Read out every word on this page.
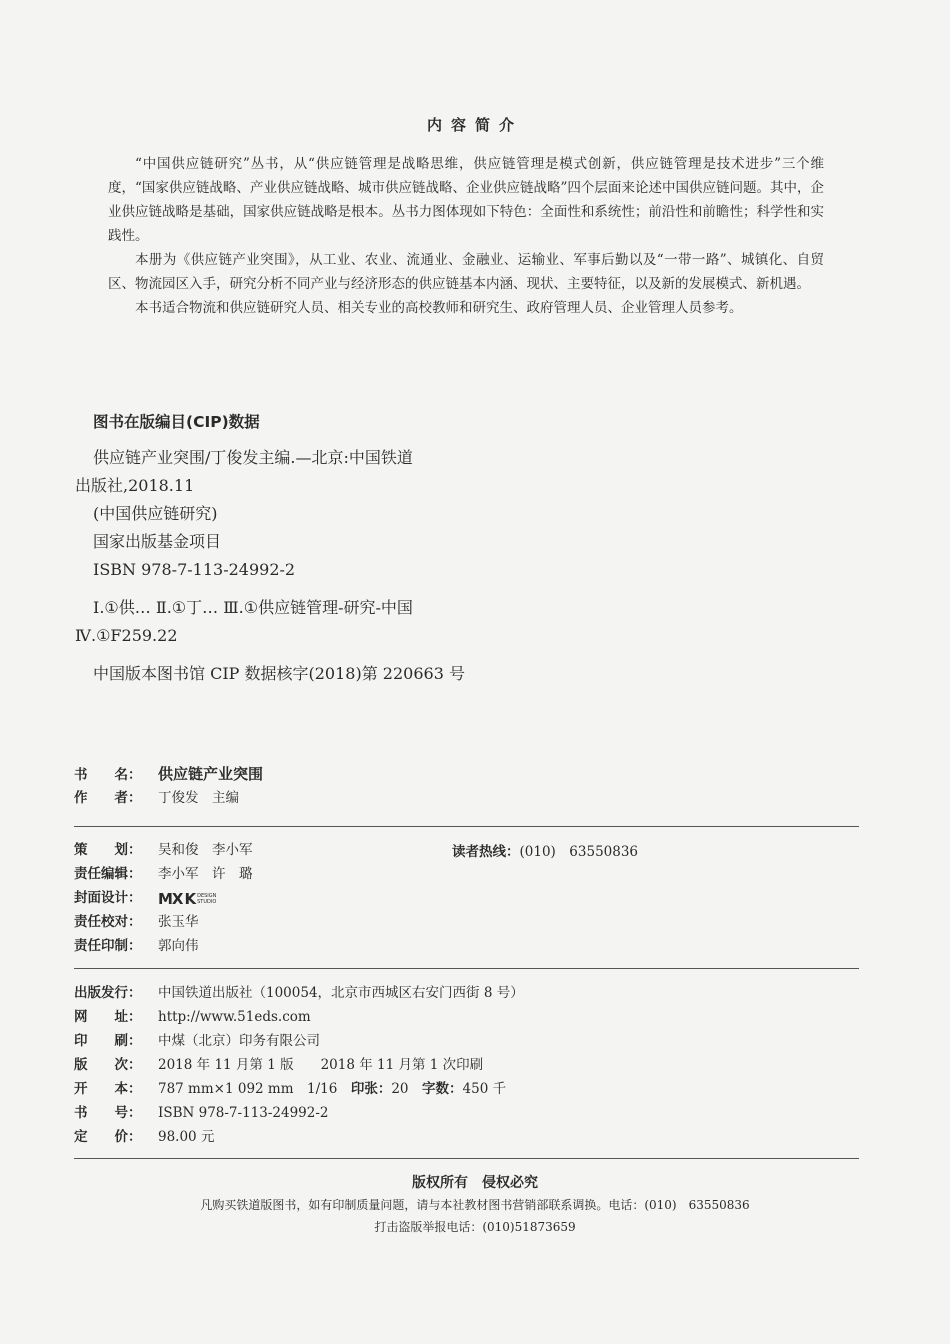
内容简介

“中国供应链研究”丛书，从“供应链管理是战略思维，供应链管理是模式创新，供应链管理是技术进步”三个维度，“国家供应链战略、产业供应链战略、城市供应链战略、企业供应链战略”四个层面来论述中国供应链问题。其中，企业供应链战略是基础，国家供应链战略是根本。丛书力图体现如下特色：全面性和系统性；前沿性和前瞻性；科学性和实践性。

本册为《供应链产业突围》，从工业、农业、流通业、金融业、运输业、军事后勤以及“一带一路”、城镇化、自贸区、物流园区入手，研究分析不同产业与经济形态的供应链基本内涵、现状、主要特征，以及新的发展模式、新机遇。

本书适合物流和供应链研究人员、相关专业的高校教师和研究生、政府管理人员、企业管理人员参考。

图书在版编目(CIP)数据
供应链产业突围/丁俊发主编.—北京:中国铁道
出版社,2018.11
(中国供应链研究)
国家出版基金项目
ISBN 978-7-113-24992-2
Ⅰ.①供… Ⅱ.①丁… Ⅲ.①供应链管理-研究-中国
Ⅳ.①F259.22
中国版本图书馆 CIP 数据核字(2018)第 220663 号
书　　名： 供应链产业突围
作　　者： 丁俊发　主编
策　　划： 吴和俊　李小军
责任编辑： 李小军　许　璐
封面设计： MX K DESIGN
STUDIO
责任校对： 张玉华
责任印制： 郭向伟
读者热线：(010)　63550836
出版发行： 中国铁道出版社（100054，北京市西城区右安门西街 8 号）
网　　址： http://www.51eds.com
印　　刷： 中煤（北京）印务有限公司
版　　次： 2018 年 11 月第 1 版　　2018 年 11 月第 1 次印刷
开　　本： 787 mm×1 092 mm　1/16　印张：20　字数：450 千
书　　号： ISBN 978-7-113-24992-2
定　　价： 98.00 元
版权所有　侵权必究
凡购买铁道版图书，如有印制质量问题，请与本社教材图书营销部联系调换。电话：(010)　63550836
打击盗版举报电话：(010)51873659
